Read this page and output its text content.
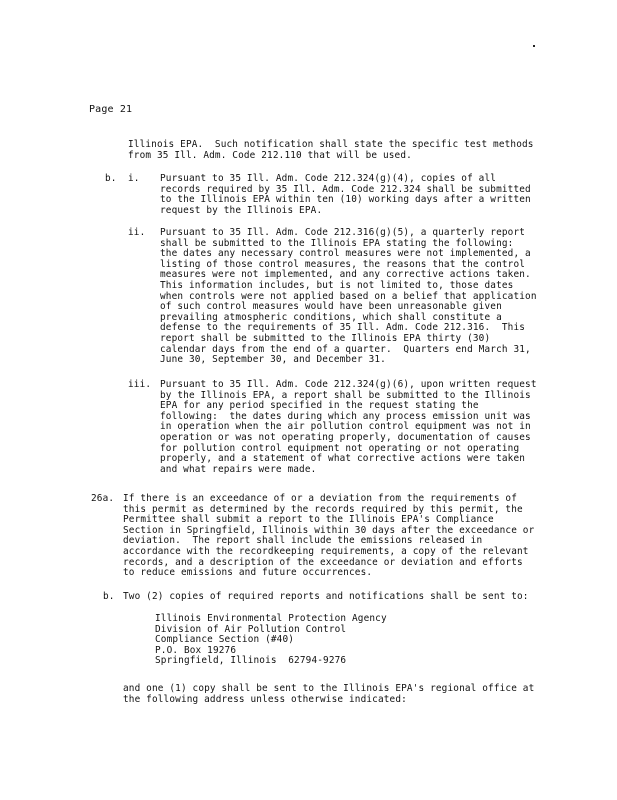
Page 21
Illinois EPA.  Such notification shall state the specific test methods
from 35 Ill. Adm. Code 212.110 that will be used.
b. i. Pursuant to 35 Ill. Adm. Code 212.324(g)(4), copies of all
records required by 35 Ill. Adm. Code 212.324 shall be submitted
to the Illinois EPA within ten (10) working days after a written
request by the Illinois EPA.
ii. Pursuant to 35 Ill. Adm. Code 212.316(g)(5), a quarterly report
shall be submitted to the Illinois EPA stating the following:
the dates any necessary control measures were not implemented, a
listing of those control measures, the reasons that the control
measures were not implemented, and any corrective actions taken.
This information includes, but is not limited to, those dates
when controls were not applied based on a belief that application
of such control measures would have been unreasonable given
prevailing atmospheric conditions, which shall constitute a
defense to the requirements of 35 Ill. Adm. Code 212.316.  This
report shall be submitted to the Illinois EPA thirty (30)
calendar days from the end of a quarter.  Quarters end March 31,
June 30, September 30, and December 31.
iii. Pursuant to 35 Ill. Adm. Code 212.324(g)(6), upon written request
by the Illinois EPA, a report shall be submitted to the Illinois
EPA for any period specified in the request stating the
following:  the dates during which any process emission unit was
in operation when the air pollution control equipment was not in
operation or was not operating properly, documentation of causes
for pollution control equipment not operating or not operating
properly, and a statement of what corrective actions were taken
and what repairs were made.
26a. If there is an exceedance of or a deviation from the requirements of
this permit as determined by the records required by this permit, the
Permittee shall submit a report to the Illinois EPA's Compliance
Section in Springfield, Illinois within 30 days after the exceedance or
deviation.  The report shall include the emissions released in
accordance with the recordkeeping requirements, a copy of the relevant
records, and a description of the exceedance or deviation and efforts
to reduce emissions and future occurrences.
b. Two (2) copies of required reports and notifications shall be sent to:
Illinois Environmental Protection Agency
Division of Air Pollution Control
Compliance Section (#40)
P.O. Box 19276
Springfield, Illinois  62794-9276
and one (1) copy shall be sent to the Illinois EPA's regional office at
the following address unless otherwise indicated:
